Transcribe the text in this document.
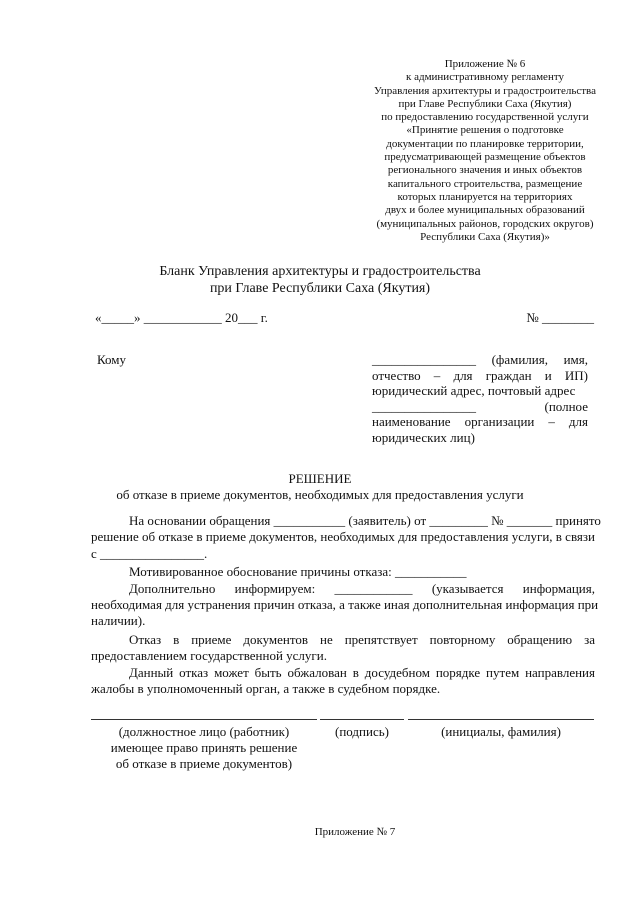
Приложение № 6
к административному регламенту
Управления архитектуры и градостроительства
при Главе Республики Саха (Якутия)
по предоставлению государственной услуги
«Принятие решения о подготовке
документации по планировке территории,
предусматривающей размещение объектов
регионального значения и иных объектов
капитального строительства, размещение
которых планируется на территориях
двух и более муниципальных образований
(муниципальных районов, городских округов)
Республики Саха (Якутия)»
Бланк Управления архитектуры и градостроительства
при Главе Республики Саха (Якутия)
«_____» ____________ 20___ г.	№ ________
Кому	________________ (фамилия, имя,
отчество – для граждан и ИП)
юридический адрес, почтовый адрес
________________ (полное
наименование организации – для
юридических лиц)
РЕШЕНИЕ
об отказе в приеме документов, необходимых для предоставления услуги
На основании обращения ___________ (заявитель) от _________ № _______ принято
решение об отказе в приеме документов, необходимых для предоставления услуги, в связи
с ________________.
Мотивированное обоснование причины отказа: ___________
Дополнительно информируем: ____________ (указывается информация,
необходимая для устранения причин отказа, а также иная дополнительная информация при
наличии).
Отказ в приеме документов не препятствует повторному обращению за
предоставлением государственной услуги.
Данный отказ может быть обжалован в досудебном порядке путем направления
жалобы в уполномоченный орган, а также в судебном порядке.
(должностное лицо (работник)
имеющее право принять решение
об отказе в приеме документов)
(подпись)	(инициалы, фамилия)
Приложение № 7
